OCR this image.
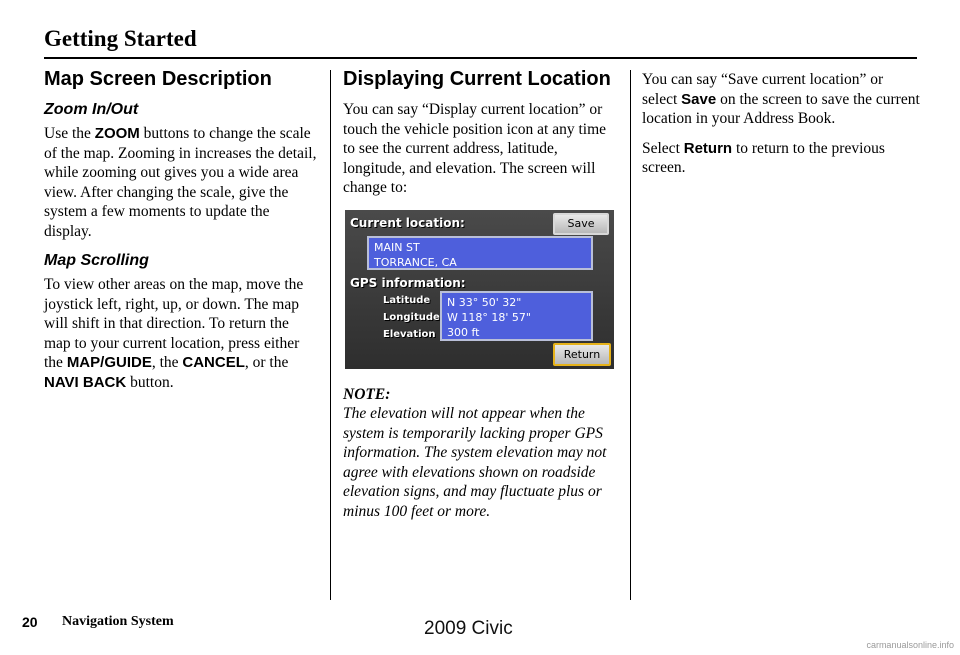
Getting Started
Map Screen Description
Zoom In/Out

Use the ZOOM buttons to change the scale of the map. Zooming in increases the detail, while zooming out gives you a wide area view. After changing the scale, give the system a few moments to update the display.

Map Scrolling

To view other areas on the map, move the joystick left, right, up, or down. The map will shift in that direction. To return the map to your current location, press either the MAP/GUIDE, the CANCEL, or the NAVI BACK button.

Displaying Current Location

You can say “Display current location” or touch the vehicle position icon at any time to see the current address, latitude, longitude, and elevation. The screen will change to:

Current location:	Save
MAIN ST
TORRANCE, CA
GPS information:
Latitude
Longitude
Elevation
N 33° 50' 32"
W 118° 18' 57"
300 ft
Return
NOTE:

The elevation will not appear when the system is temporarily lacking proper GPS information. The system elevation may not agree with elevations shown on roadside elevation signs, and may fluctuate plus or minus 100 feet or more.

You can say “Save current location” or select Save on the screen to save the current location in your Address Book.

Select Return to return to the previous screen.

20 Navigation System	2009 Civic
carmanualsonline.info
